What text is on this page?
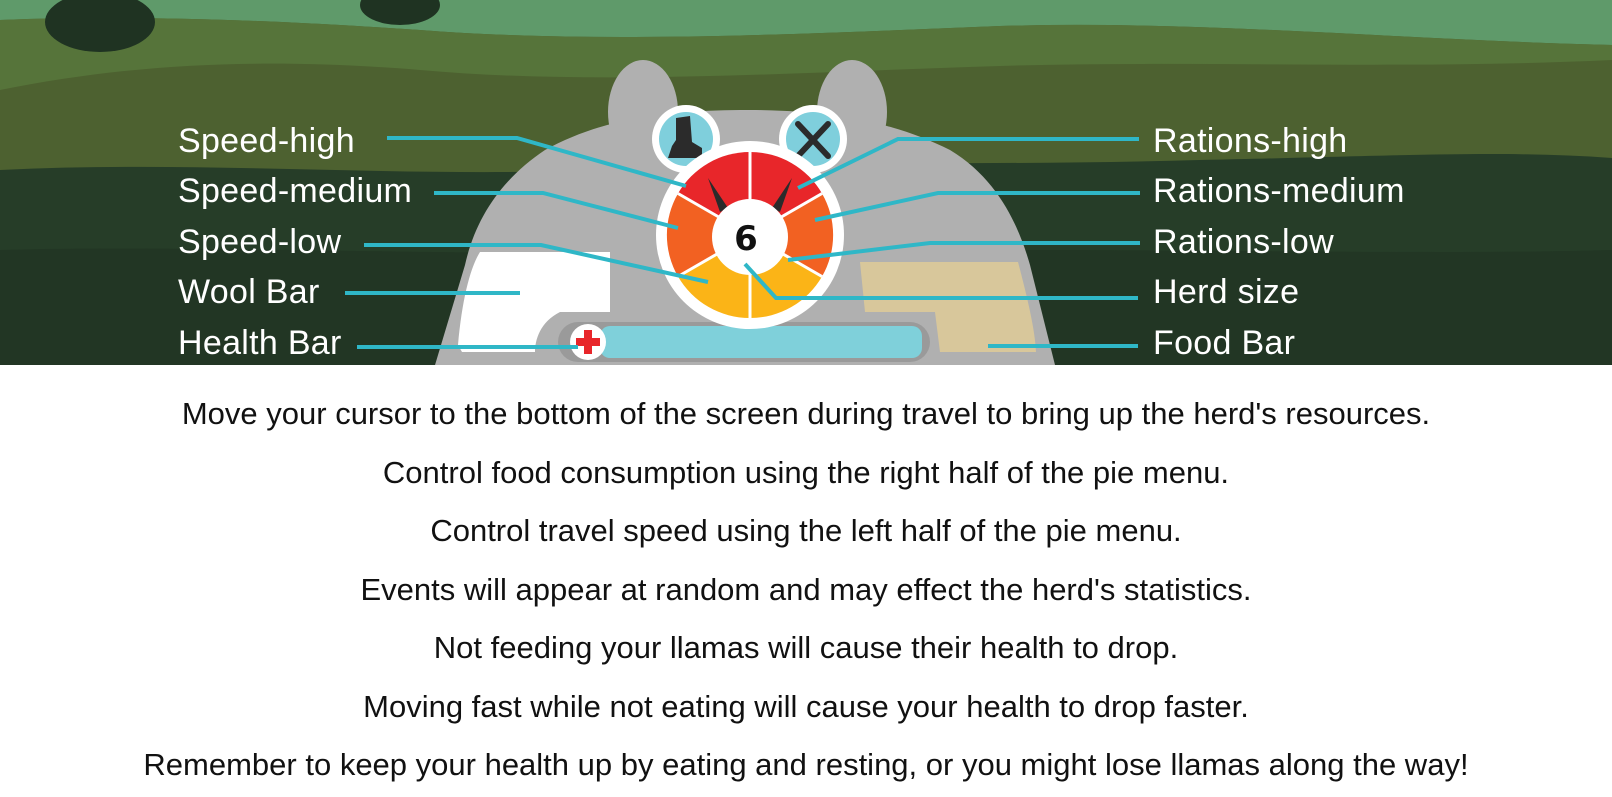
6
Speed-high
Speed-medium
Speed-low
Wool Bar
Health Bar
Rations-high
Rations-medium
Rations-low
Herd size
Food Bar

Move your cursor to the bottom of the screen during travel to bring up the herd's resources.

Control food consumption using the right half of the pie menu.

Control travel speed using the left half of the pie menu.

Events will appear at random and may effect the herd's statistics.

Not feeding your llamas will cause their health to drop.

Moving fast while not eating will cause your health to drop faster.

Remember to keep your health up by eating and resting, or you might lose llamas along the way!
